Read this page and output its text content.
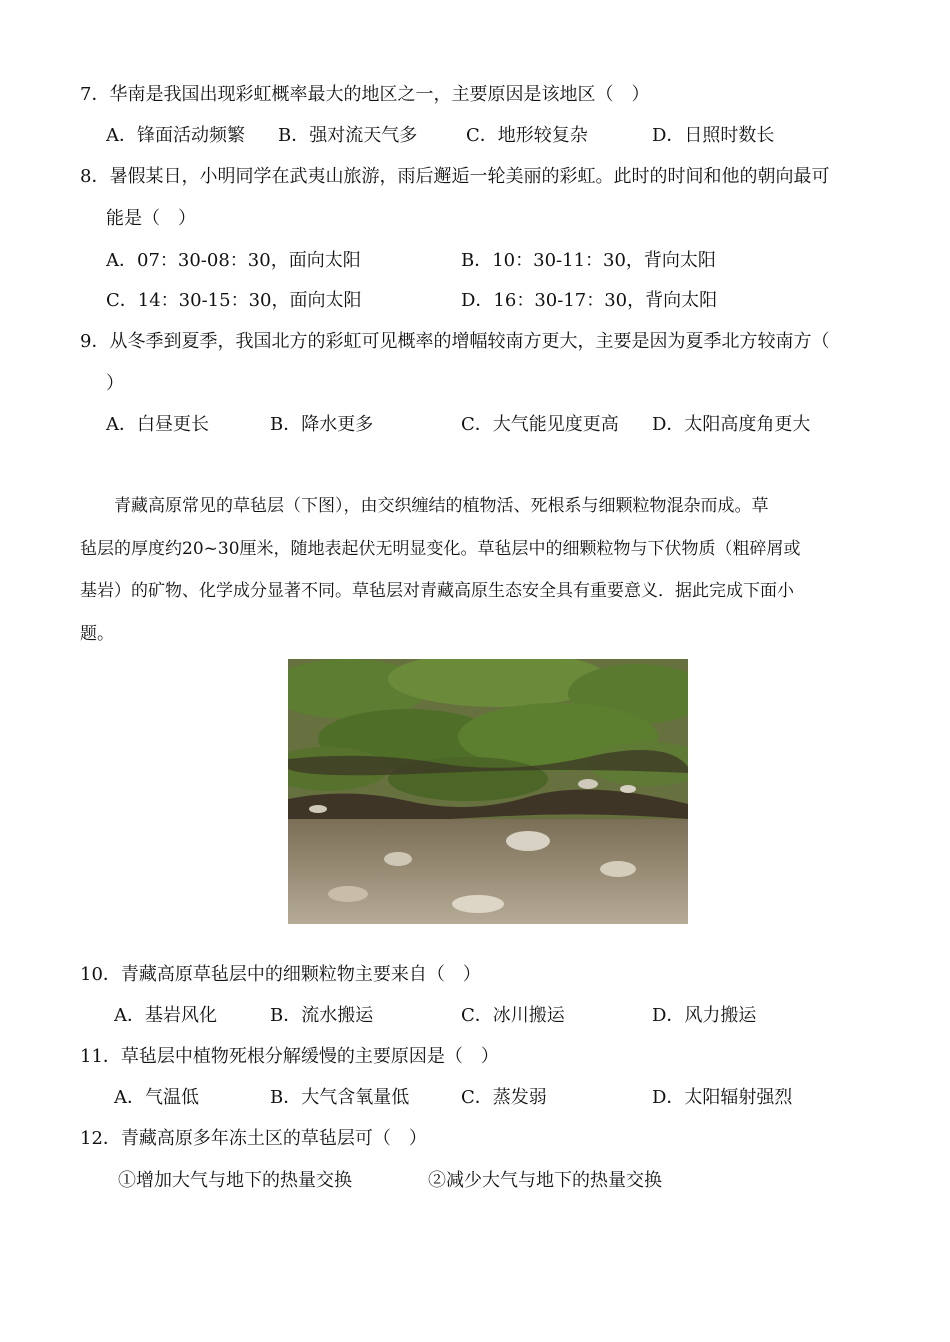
7．华南是我国出现彩虹概率最大的地区之一，主要原因是该地区（　）
A．锋面活动频繁 B．强对流天气多	C．地形较复杂	D．日照时数长
8．暑假某日，小明同学在武夷山旅游，雨后邂逅一轮美丽的彩虹。此时的时间和他的朝向最可
能是（　）
A．07：30-08：30，面向太阳	B．10：30-11：30，背向太阳
C．14：30-15：30，面向太阳	D．16：30-17：30，背向太阳
9．从冬季到夏季，我国北方的彩虹可见概率的增幅较南方更大，主要是因为夏季北方较南方（
）
A．白昼更长	B．降水更多	C．大气能见度更高 D．太阳高度角更大
　　青藏高原常见的草毡层（下图），由交织缠结的植物活、死根系与细颗粒物混杂而成。草
毡层的厚度约20~30厘米，随地表起伏无明显变化。草毡层中的细颗粒物与下伏物质（粗碎屑或
基岩）的矿物、化学成分显著不同。草毡层对青藏高原生态安全具有重要意义．据此完成下面小
题。
10．青藏高原草毡层中的细颗粒物主要来自（　）
A．基岩风化	B．流水搬运	C．冰川搬运	D．风力搬运
11．草毡层中植物死根分解缓慢的主要原因是（　）
A．气温低	B．大气含氧量低	C．蒸发弱	D．太阳辐射强烈
12．青藏高原多年冻土区的草毡层可（　）
①增加大气与地下的热量交换	②减少大气与地下的热量交换
